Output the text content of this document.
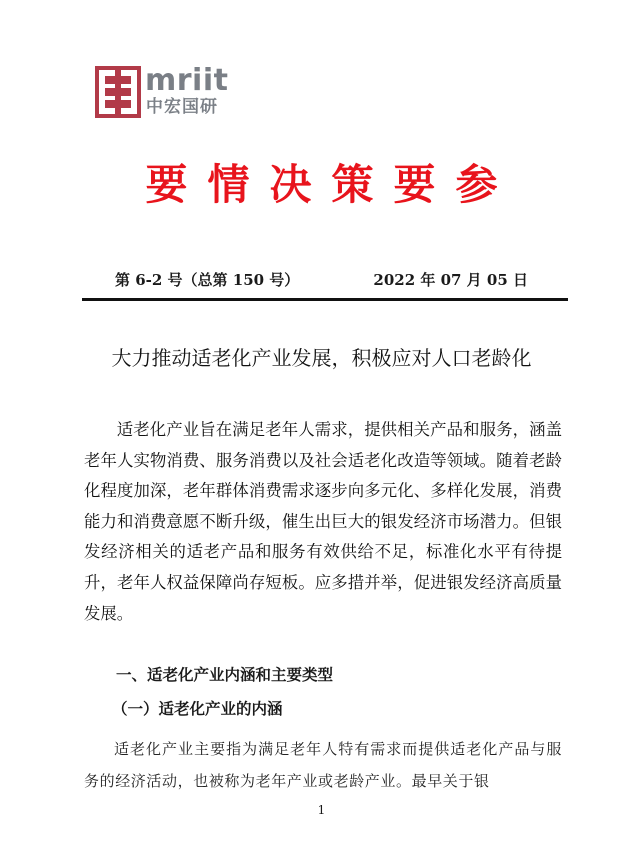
mriit
中宏国研
要情决策要参
第 6-2 号（总第 150 号）	2022 年 07 月 05 日
大力推动适老化产业发展，积极应对人口老龄化

适老化产业旨在满足老年人需求，提供相关产品和服务，涵盖老年人实物消费、服务消费以及社会适老化改造等领域。随着老龄化程度加深，老年群体消费需求逐步向多元化、多样化发展，消费能力和消费意愿不断升级，催生出巨大的银发经济市场潜力。但银发经济相关的适老产品和服务有效供给不足，标准化水平有待提升，老年人权益保障尚存短板。应多措并举，促进银发经济高质量发展。

一、适老化产业内涵和主要类型
（一）适老化产业的内涵

适老化产业主要指为满足老年人特有需求而提供适老化产品与服务的经济活动，也被称为老年产业或老龄产业。最早关于银

1
